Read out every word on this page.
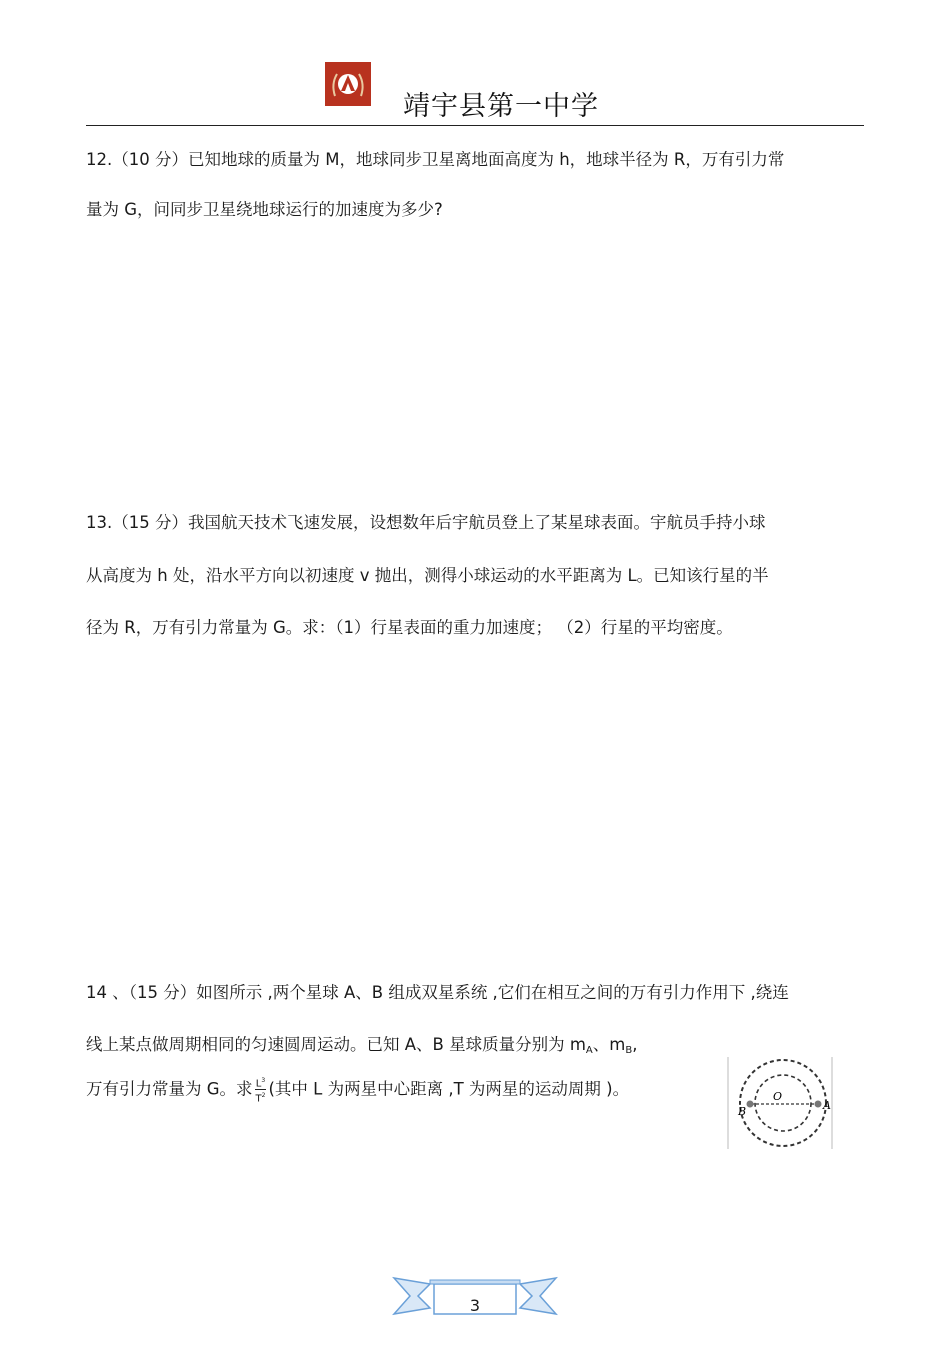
靖宇县第一中学
12.（10 分）已知地球的质量为 M，地球同步卫星离地面高度为 h，地球半径为 R，万有引力常
量为 G，问同步卫星绕地球运行的加速度为多少?
13.（15 分）我国航天技术飞速发展，设想数年后宇航员登上了某星球表面。宇航员手持小球
从高度为 h 处，沿水平方向以初速度 v 抛出，测得小球运动的水平距离为 L。已知该行星的半
径为 R，万有引力常量为 G。求：（1）行星表面的重力加速度； （2）行星的平均密度。
14 、（15 分）如图所示 ,两个星球 A、B 组成双星系统 ,它们在相互之间的万有引力作用下 ,绕连
线上某点做周期相同的匀速圆周运动。已知 A、B 星球质量分别为 $m_A$、$m_B$,
万有引力常量为 G。求 $\frac{L^3}{T^2}$ (其中 L 为两星中心距离 ,T 为两星的运动周期 )。
B
O
A
3
